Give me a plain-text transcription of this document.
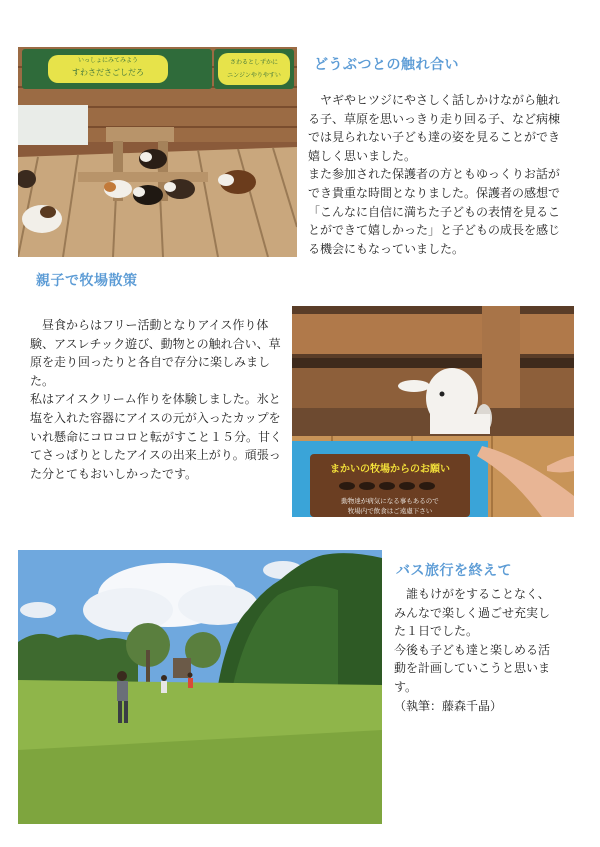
いっしょにみてみよう
すわさださごしだろ
さわるとしずかに
ニンジンやりやすい
どうぶつとの触れ合い

　ヤギやヒツジにやさしく話しかけながら触れる子、草原を思いっきり走り回る子、など病棟では見られない子ども達の姿を見ることができ嬉しく思いました。

また参加された保護者の方ともゆっくりお話ができ貴重な時間となりました。保護者の感想で「こんなに自信に満ちた子どもの表情を見ることができて嬉しかった」と子どもの成長を感じる機会にもなっていました。

親子で牧場散策

　昼食からはフリー活動となりアイス作り体験、アスレチック遊び、動物との触れ合い、草原を走り回ったりと各自で存分に楽しみました。

私はアイスクリーム作りを体験しました。氷と塩を入れた容器にアイスの元が入ったカップをいれ懸命にコロコロと転がすこと１５分。甘くてさっぱりとしたアイスの出来上がり。頑張った分とてもおいしかったです。	まかいの牧場からのお願い
動物達が病気になる事もあるので
牧場内で飲食はご遠慮下さい
バス旅行を終えて

　誰もけがをすることなく、みんなで楽しく過ごせ充実した１日でした。

今後も子ども達と楽しめる活動を計画していこうと思います。

（執筆：藤森千晶）
